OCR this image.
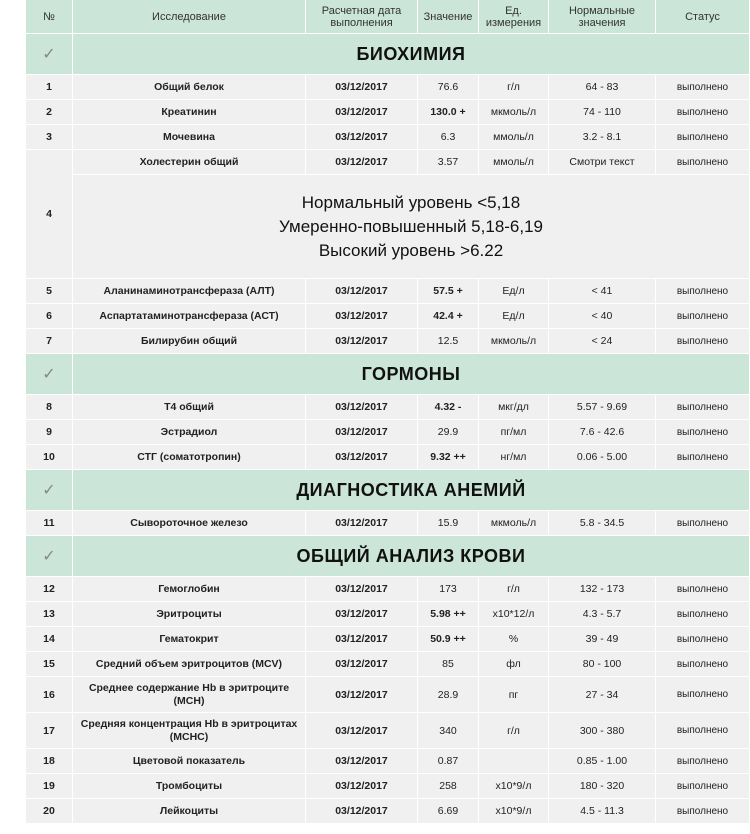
№	Исследование	Расчетная дата выполнения	Значение	Ед. измерения	Нормальные значения	Статус
✓	БИОХИМИЯ					
1	Общий белок	03/12/2017	76.6	г/л	64 - 83	выполнено
2	Креатинин	03/12/2017	130.0 +	мкмоль/л	74 - 110	выполнено
3	Мочевина	03/12/2017	6.3	ммоль/л	3.2 - 8.1	выполнено
4	Холестерин общий	03/12/2017	3.57	ммоль/л	Смотри текст	выполнено

	Нормальный уровень <5,18
Умеренно-повышенный 5,18-6,19
Высокий уровень >6.22					

5	Аланинаминотрансфераза (АЛТ)	03/12/2017	57.5 +	Ед/л	< 41	выполнено
6	Аспартатаминотрансфераза (АСТ)	03/12/2017	42.4 +	Ед/л	< 40	выполнено
7	Билирубин общий	03/12/2017	12.5	мкмоль/л	< 24	выполнено
✓	ГОРМОНЫ					
8	Т4 общий	03/12/2017	4.32 -	мкг/дл	5.57 - 9.69	выполнено
9	Эстрадиол	03/12/2017	29.9	пг/мл	7.6 - 42.6	выполнено
10	СТГ (соматотропин)	03/12/2017	9.32 ++	нг/мл	0.06 - 5.00	выполнено
✓	ДИАГНОСТИКА АНЕМИЙ					
11	Сывороточное железо	03/12/2017	15.9	мкмоль/л	5.8 - 34.5	выполнено
✓	ОБЩИЙ АНАЛИЗ КРОВИ					
12	Гемоглобин	03/12/2017	173	г/л	132 - 173	выполнено
13	Эритроциты	03/12/2017	5.98 ++	x10*12/л	4.3 - 5.7	выполнено
14	Гематокрит	03/12/2017	50.9 ++	%	39 - 49	выполнено
15	Средний объем эритроцитов (MCV)	03/12/2017	85	фл	80 - 100	выполнено
16	Среднее содержание Hb в эритроците (MCH)	03/12/2017	28.9	пг	27 - 34	выполнено
17	Средняя концентрация Hb в эритроцитах (MCHC)	03/12/2017	340	г/л	300 - 380	выполнено
18	Цветовой показатель	03/12/2017	0.87		0.85 - 1.00	выполнено
19	Тромбоциты	03/12/2017	258	x10*9/л	180 - 320	выполнено
20	Лейкоциты	03/12/2017	6.69	x10*9/л	4.5 - 11.3	выполнено
